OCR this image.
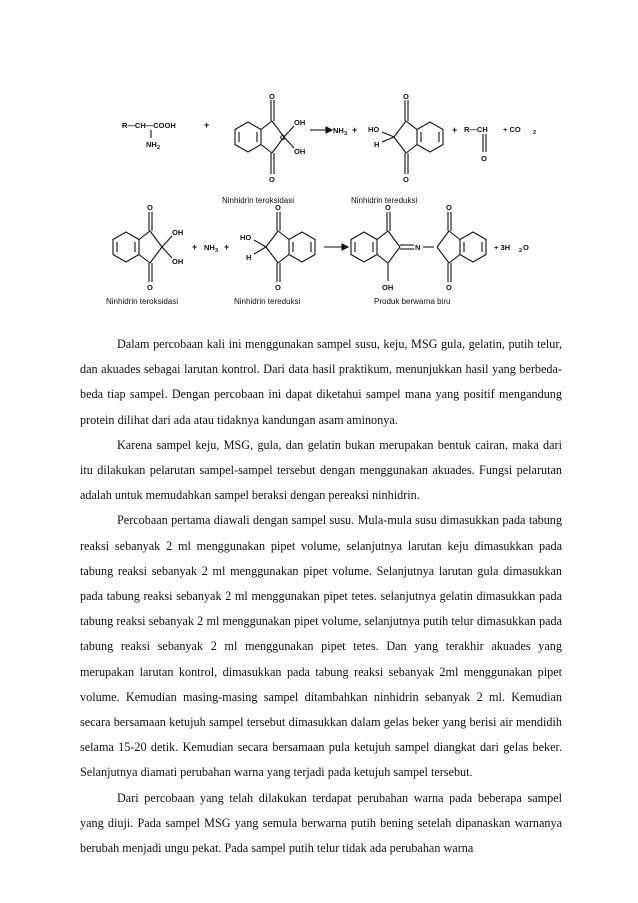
R—CH—COOH
NH 2
+
O
O
C
OH
OH
NH 3 + HO
H
O
O
+ R—CH
O
+ CO 2
Ninhidrin teroksidasi	Ninhidrin tereduksi
O
O
OH
OH
+ NH 3 +
HO
H
O
O
O
OH
N
O
O
+ 3H 2 O
Ninhidrin teroksidasi	Ninhidrin tereduksi	Produk berwarna biru

Dalam percobaan kali ini menggunakan sampel susu, keju, MSG gula, gelatin, putih telur, dan akuades sebagai larutan kontrol. Dari data hasil praktikum, menunjukkan hasil yang berbeda-beda tiap sampel. Dengan percobaan ini dapat diketahui sampel mana yang positif mengandung protein dilihat dari ada atau tidaknya kandungan asam aminonya.

Karena sampel keju, MSG, gula, dan gelatin bukan merupakan bentuk cairan, maka dari itu dilakukan pelarutan sampel-sampel tersebut dengan menggunakan akuades. Fungsi pelarutan adalah untuk memudahkan sampel beraksi dengan pereaksi ninhidrin.

Percobaan pertama diawali dengan sampel susu. Mula-mula susu dimasukkan pada tabung reaksi sebanyak 2 ml menggunakan pipet volume, selanjutnya larutan keju dimasukkan pada tabung reaksi sebanyak 2 ml menggunakan pipet volume. Selanjutnya larutan gula dimasukkan pada tabung reaksi sebanyak 2 ml menggunakan pipet tetes. selanjutnya gelatin dimasukkan pada tabung reaksi sebanyak 2 ml menggunakan pipet volume, selanjutnya putih telur dimasukkan pada tabung reaksi sebanyak 2 ml menggunakan pipet tetes. Dan yang terakhir akuades yang merupakan larutan kontrol, dimasukkan pada tabung reaksi sebanyak 2ml menggunakan pipet volume. Kemudian masing-masing sampel ditambahkan ninhidrin sebanyak 2 ml. Kemudian secara bersamaan ketujuh sampel tersebut dimasukkan dalam gelas beker yang berisi air mendidih selama 15-20 detik. Kemudian secara bersamaan pula ketujuh sampel diangkat dari gelas beker. Selanjutnya diamati perubahan warna yang terjadi pada ketujuh sampel tersebut.

Dari percobaan yang telah dilakukan terdapat perubahan warna pada beberapa sampel yang diuji. Pada sampel MSG yang semula berwarna putih bening setelah dipanaskan warnanya berubah menjadi ungu pekat. Pada sampel putih telur tidak ada perubahan warna
